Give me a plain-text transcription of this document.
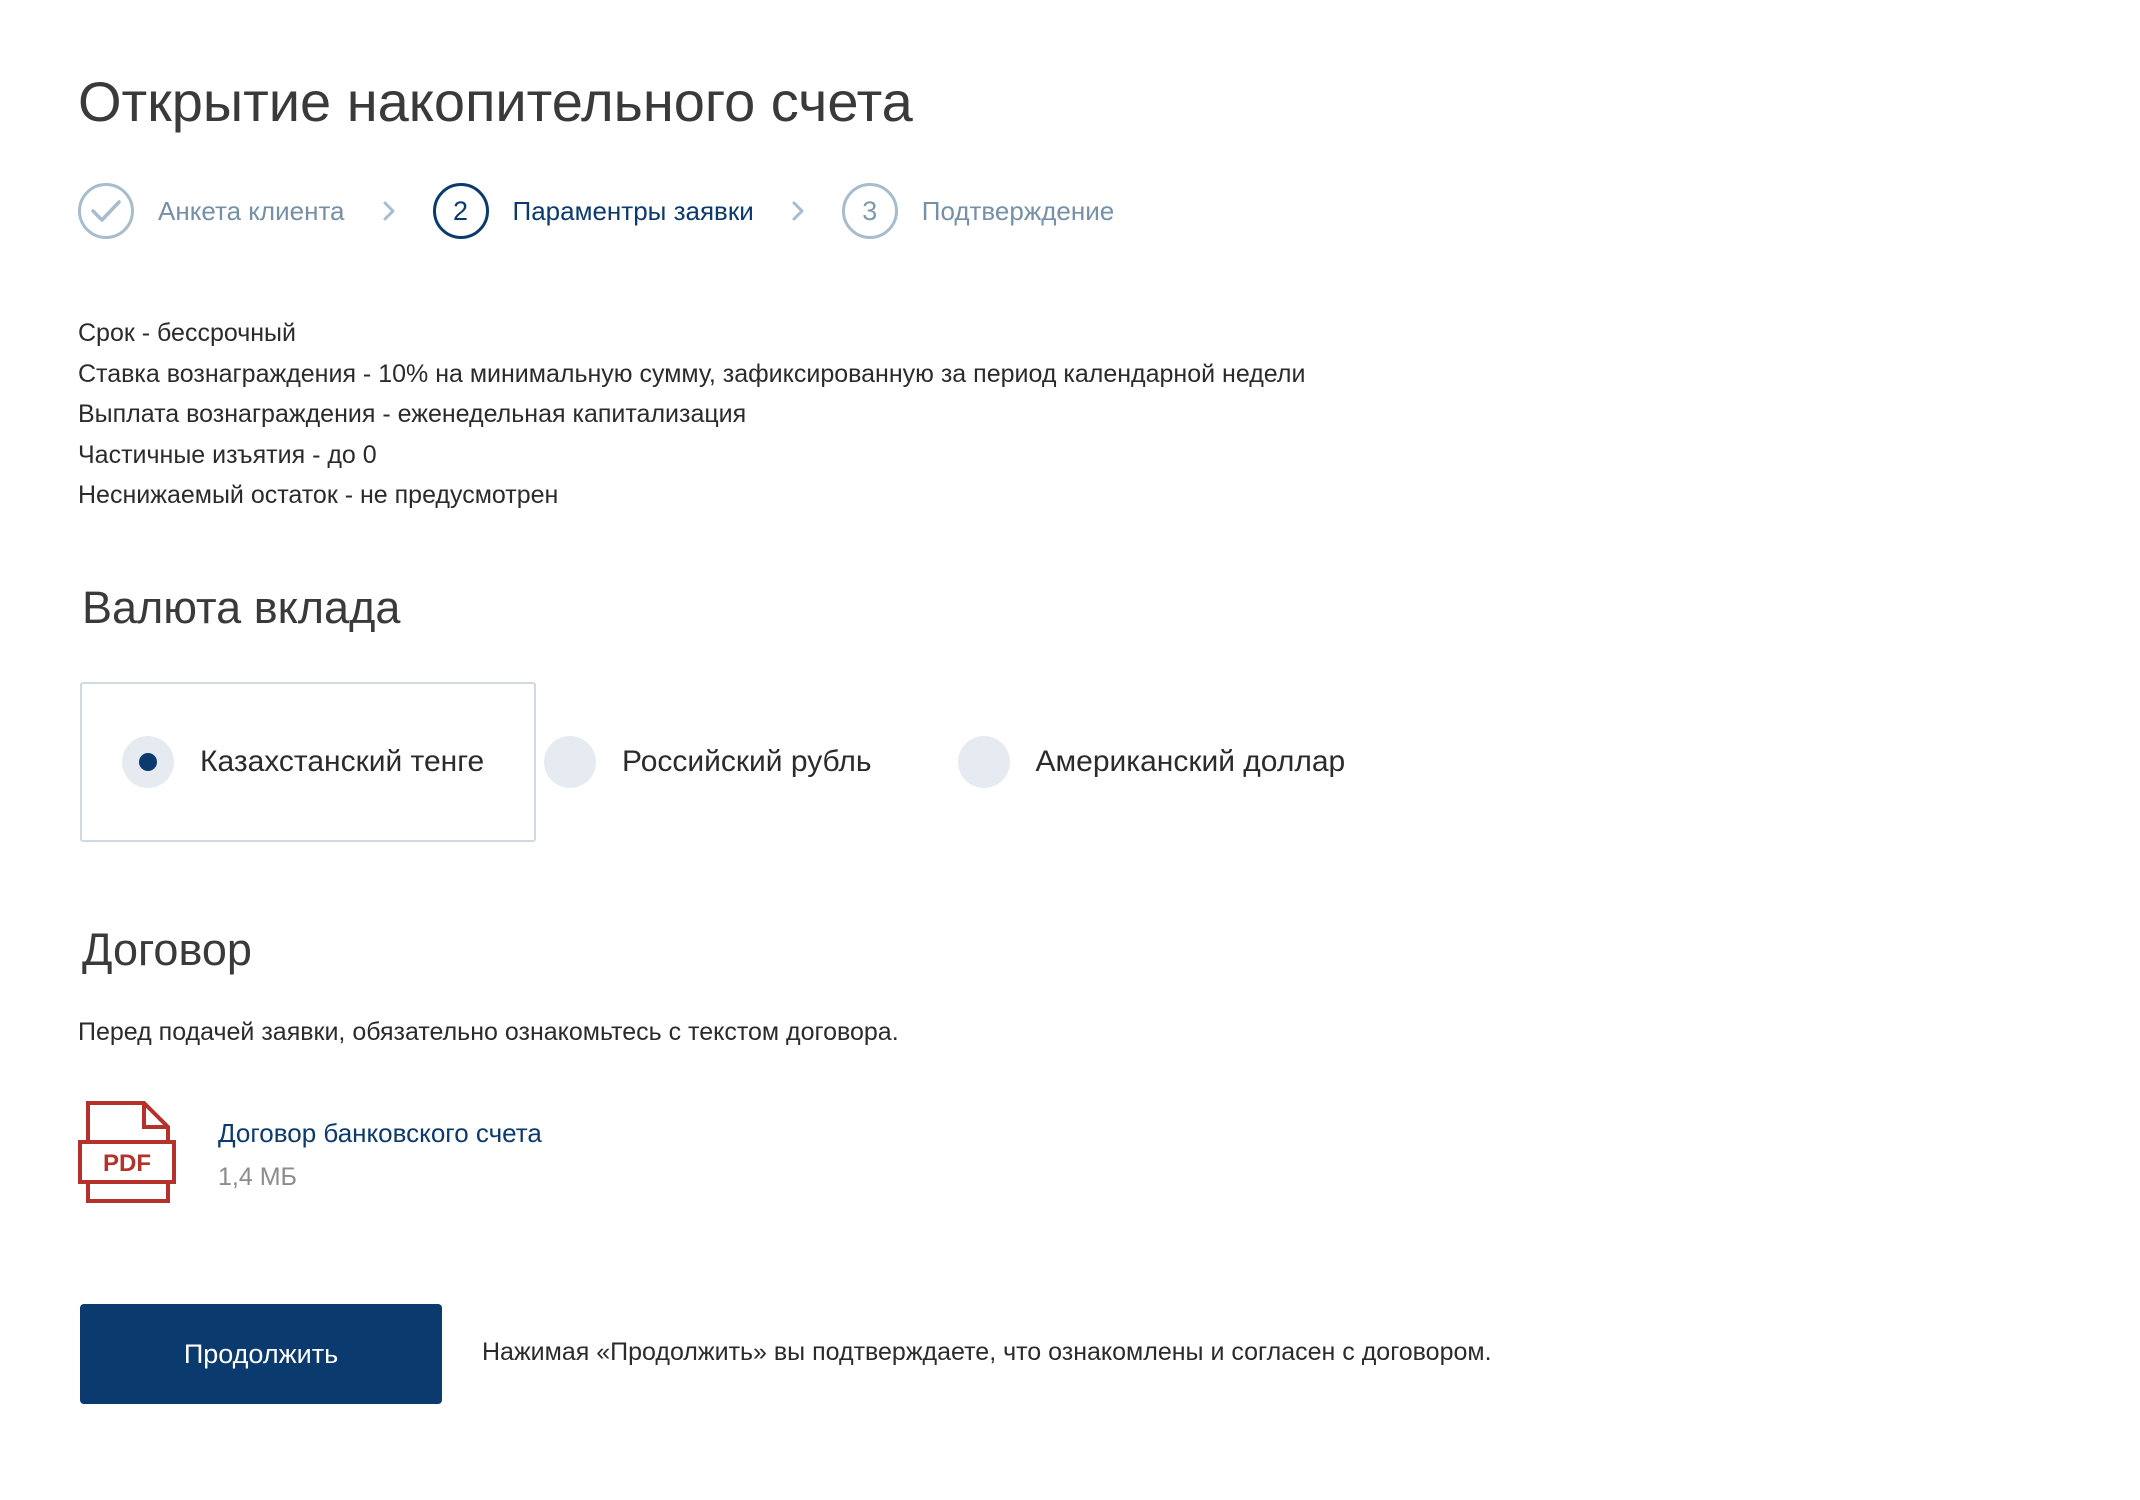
Открытие накопительного счета
Анкета клиента	2	Параментры заявки	3	Подтверждение
Срок - бессрочный
Ставка вознаграждения - 10% на минимальную сумму, зафиксированную за период календарной недели
Выплата вознаграждения - еженедельная капитализация
Частичные изъятия - до 0
Неснижаемый остаток - не предусмотрен
Валюта вклада
Казахстанский тенге	Российский рубль	Американский доллар
Договор
Перед подачей заявки, обязательно ознакомьтесь с текстом договора.
PDF
Договор банковского счета
1,4 МБ
Продолжить	Нажимая «Продолжить» вы подтверждаете, что ознакомлены и согласен с договором.
